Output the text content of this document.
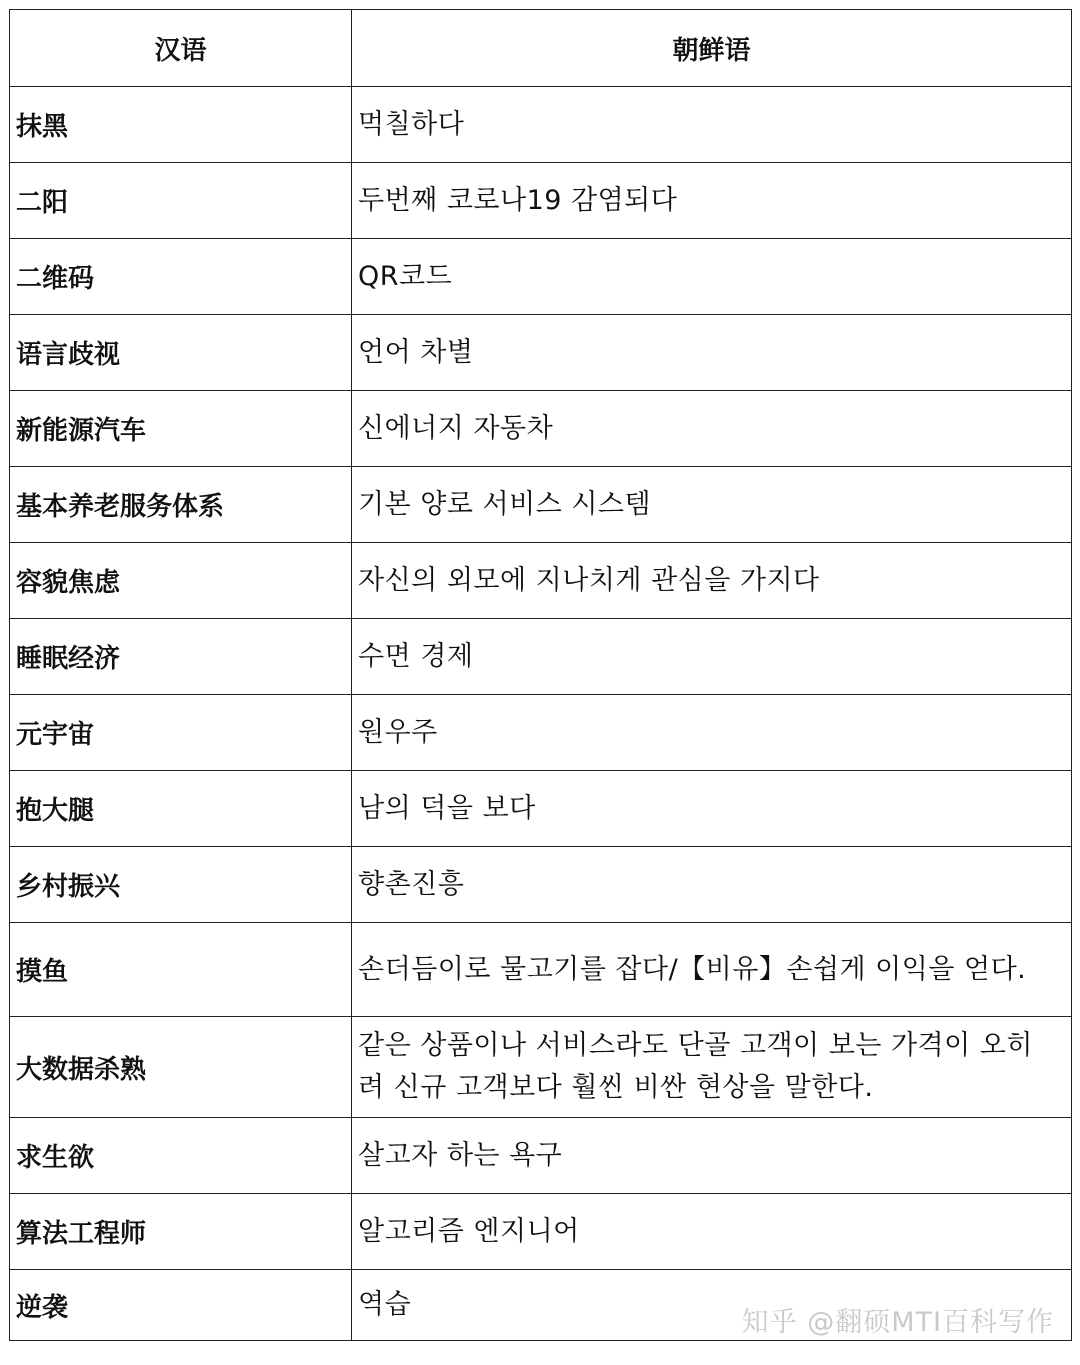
汉语	朝鲜语
抹黑	먹칠하다
二阳	두번째 코로나19 감염되다
二维码	QR코드
语言歧视	언어 차별
新能源汽车	신에너지 자동차
基本养老服务体系	기본 양로 서비스 시스템
容貌焦虑	자신의 외모에 지나치게 관심을 가지다
睡眠经济	수면 경제
元宇宙	원우주
抱大腿	남의 덕을 보다
乡村振兴	향촌진흥
摸鱼	손더듬이로 물고기를 잡다/【비유】손쉽게 이익을 얻다.
大数据杀熟	같은 상품이나 서비스라도 단골 고객이 보는 가격이 오히려 신규 고객보다 훨씬 비싼 현상을 말한다.
求生欲	살고자 하는 욕구
算法工程师	알고리즘 엔지니어
逆袭	역습
知乎 @翻硕MTI百科写作
